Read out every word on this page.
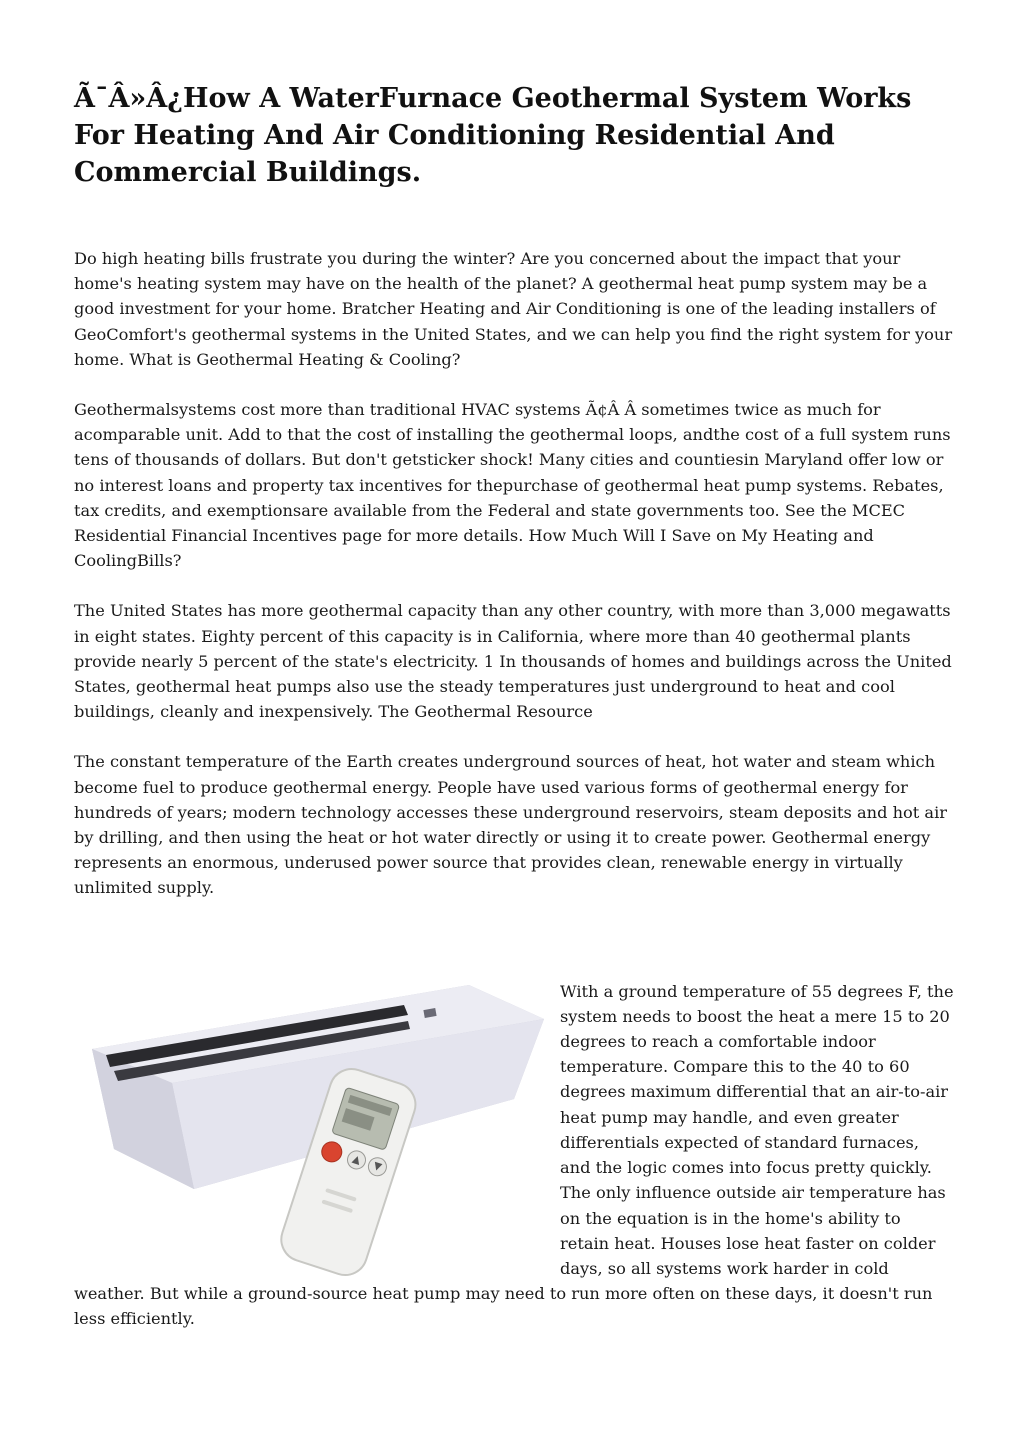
Ã¯Â»Â¿How A WaterFurnace Geothermal System Works For Heating And Air Conditioning Residential And Commercial Buildings.

Do high heating bills frustrate you during the winter? Are you concerned about the impact that your home's heating system may have on the health of the planet? A geothermal heat pump system may be a good investment for your home. Bratcher Heating and Air Conditioning is one of the leading installers of GeoComfort's geothermal systems in the United States, and we can help you find the right system for your home. What is Geothermal Heating & Cooling?

Geothermalsystems cost more than traditional HVAC systems Ã¢Â Â sometimes twice as much for acomparable unit. Add to that the cost of installing the geothermal loops, andthe cost of a full system runs tens of thousands of dollars. But don't getsticker shock! Many cities and countiesin Maryland offer low or no interest loans and property tax incentives for thepurchase of geothermal heat pump systems. Rebates, tax credits, and exemptionsare available from the Federal and state governments too. See the MCEC Residential Financial Incentives page for more details. How Much Will I Save on My Heating and CoolingBills?

The United States has more geothermal capacity than any other country, with more than 3,000 megawatts in eight states. Eighty percent of this capacity is in California, where more than 40 geothermal plants provide nearly 5 percent of the state's electricity. 1 In thousands of homes and buildings across the United States, geothermal heat pumps also use the steady temperatures just underground to heat and cool buildings, cleanly and inexpensively. The Geothermal Resource

The constant temperature of the Earth creates underground sources of heat, hot water and steam which become fuel to produce geothermal energy. People have used various forms of geothermal energy for hundreds of years; modern technology accesses these underground reservoirs, steam deposits and hot air by drilling, and then using the heat or hot water directly or using it to create power. Geothermal energy represents an enormous, underused power source that provides clean, renewable energy in virtually unlimited supply.

With a ground temperature of 55 degrees F, the system needs to boost the heat a mere 15 to 20 degrees to reach a comfortable indoor temperature. Compare this to the 40 to 60 degrees maximum differential that an air-to-air heat pump may handle, and even greater differentials expected of standard furnaces, and the logic comes into focus pretty quickly. The only influence outside air temperature has on the equation is in the home's ability to retain heat. Houses lose heat faster on colder days, so all systems work harder in cold weather. But while a ground-source heat pump may need to run more often on these days, it doesn't run less efficiently.
